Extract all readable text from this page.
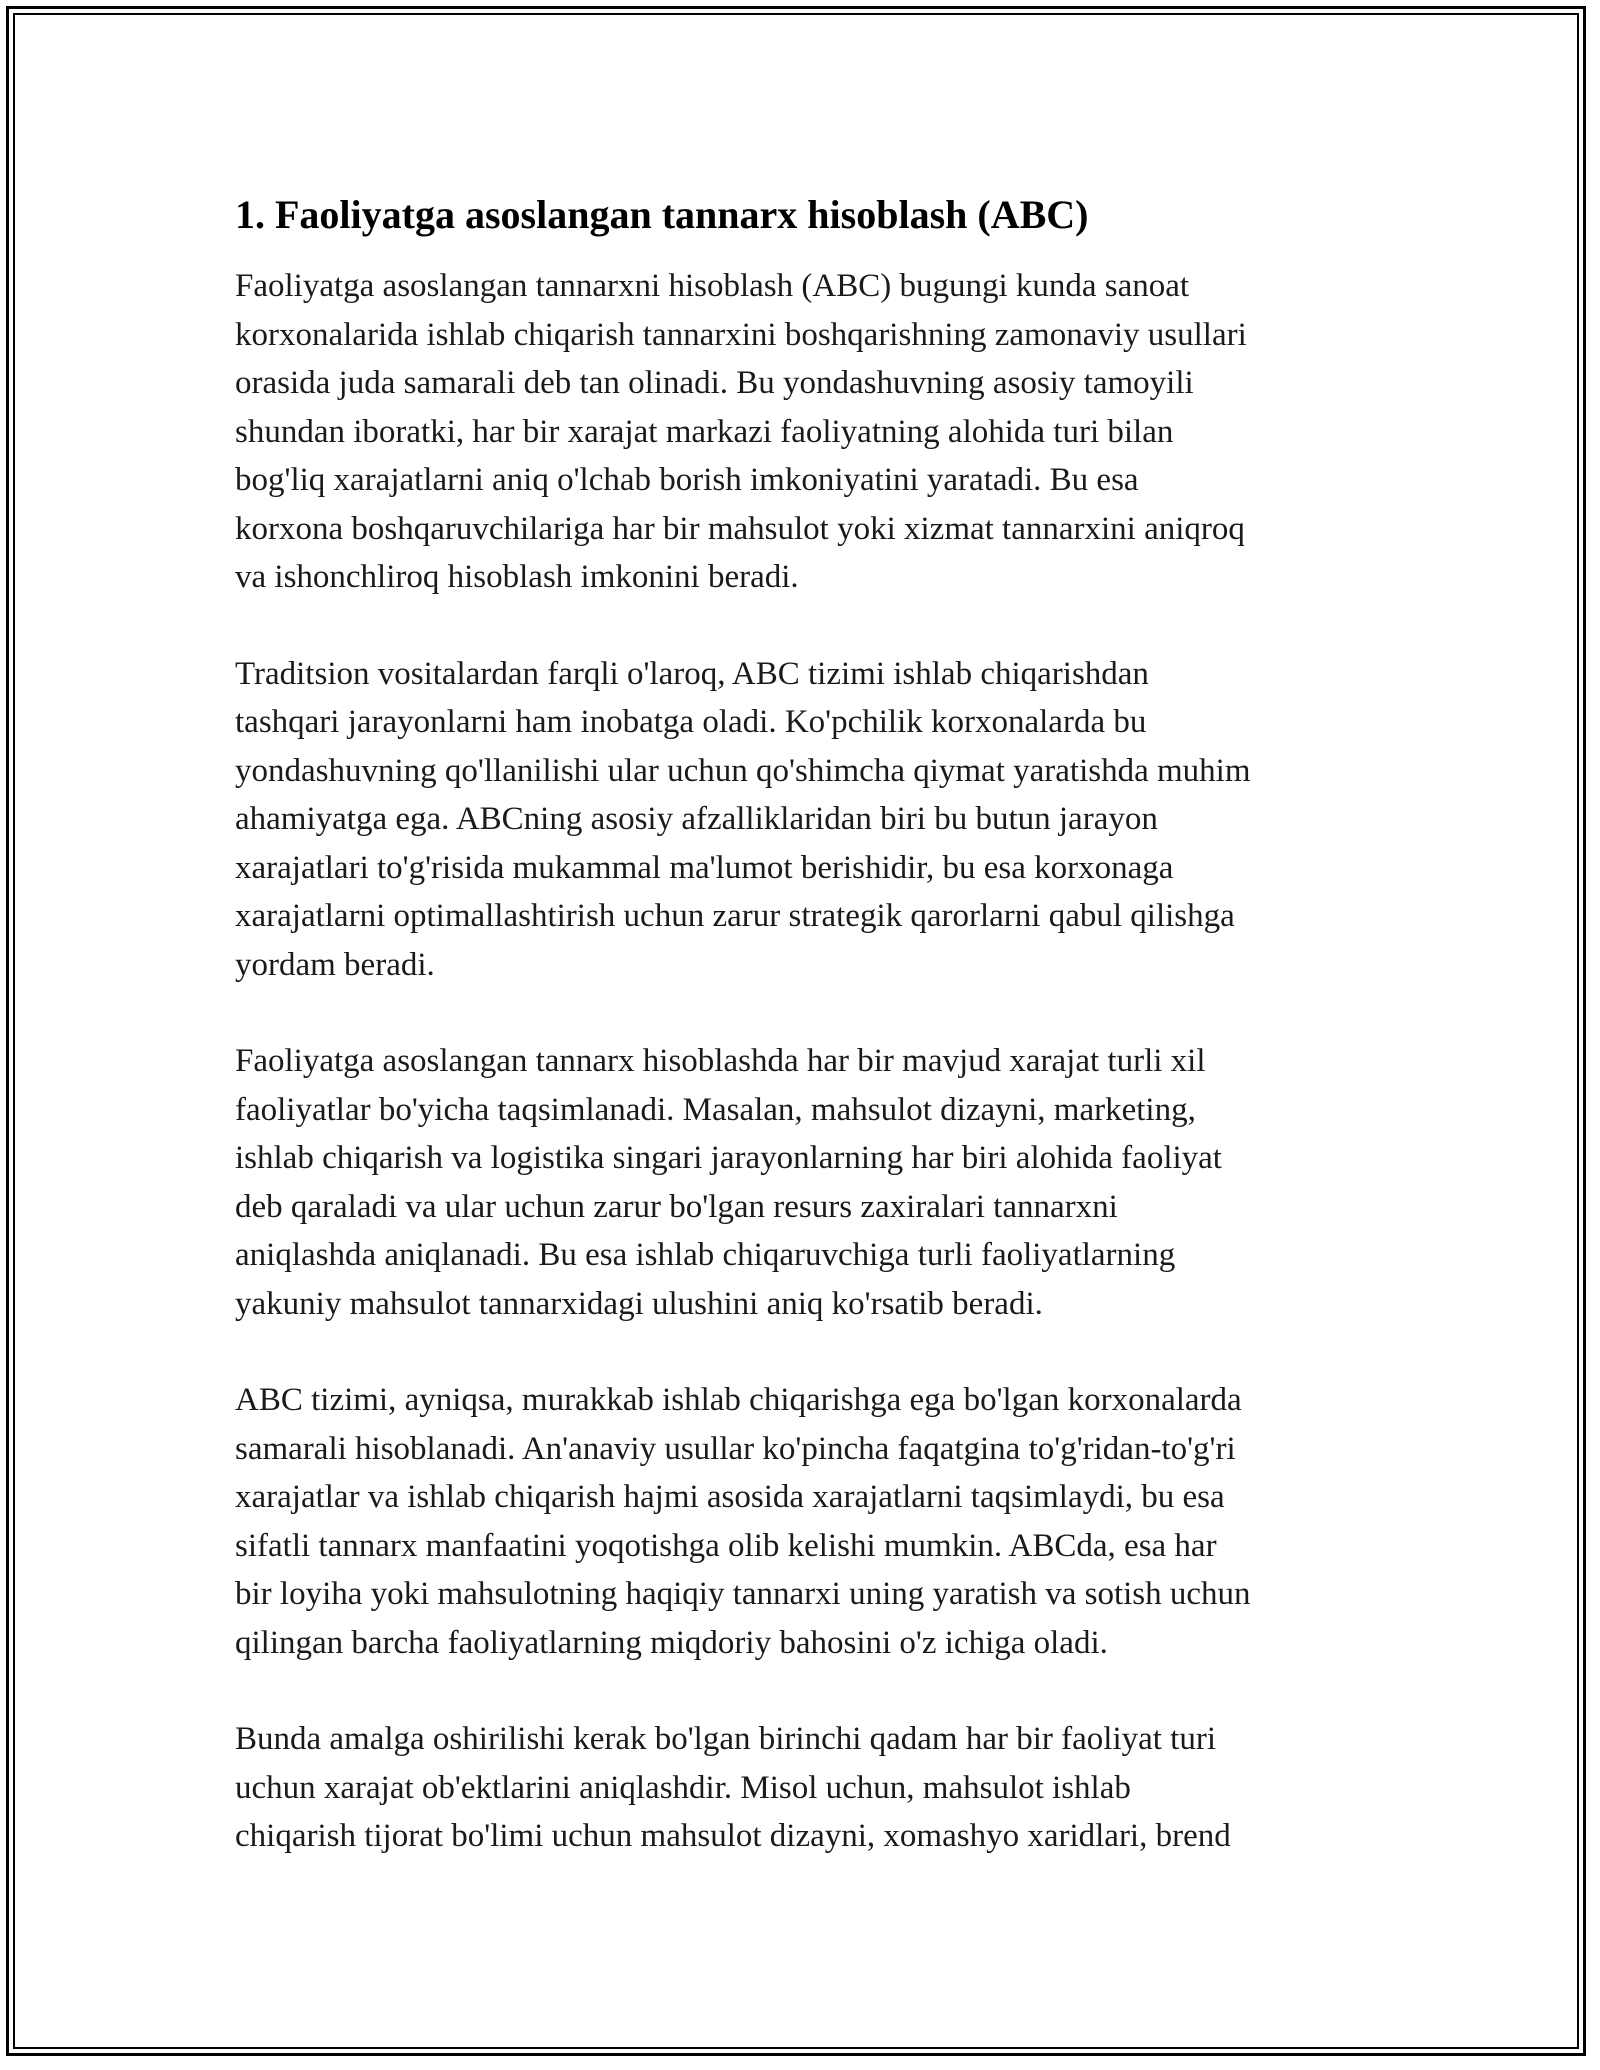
1. Faoliyatga asoslangan tannarx hisoblash (ABC)

Faoliyatga asoslangan tannarxni hisoblash (ABC) bugungi kunda sanoat
korxonalarida ishlab chiqarish tannarxini boshqarishning zamonaviy usullari
orasida juda samarali deb tan olinadi. Bu yondashuvning asosiy tamoyili
shundan iboratki, har bir xarajat markazi faoliyatning alohida turi bilan
bog'liq xarajatlarni aniq o'lchab borish imkoniyatini yaratadi. Bu esa
korxona boshqaruvchilariga har bir mahsulot yoki xizmat tannarxini aniqroq
va ishonchliroq hisoblash imkonini beradi.

Traditsion vositalardan farqli o'laroq, ABC tizimi ishlab chiqarishdan
tashqari jarayonlarni ham inobatga oladi. Ko'pchilik korxonalarda bu
yondashuvning qo'llanilishi ular uchun qo'shimcha qiymat yaratishda muhim
ahamiyatga ega. ABCning asosiy afzalliklaridan biri bu butun jarayon
xarajatlari to'g'risida mukammal ma'lumot berishidir, bu esa korxonaga
xarajatlarni optimallashtirish uchun zarur strategik qarorlarni qabul qilishga
yordam beradi.

Faoliyatga asoslangan tannarx hisoblashda har bir mavjud xarajat turli xil
faoliyatlar bo'yicha taqsimlanadi. Masalan, mahsulot dizayni, marketing,
ishlab chiqarish va logistika singari jarayonlarning har biri alohida faoliyat
deb qaraladi va ular uchun zarur bo'lgan resurs zaxiralari tannarxni
aniqlashda aniqlanadi. Bu esa ishlab chiqaruvchiga turli faoliyatlarning
yakuniy mahsulot tannarxidagi ulushini aniq ko'rsatib beradi.

ABC tizimi, ayniqsa, murakkab ishlab chiqarishga ega bo'lgan korxonalarda
samarali hisoblanadi. An'anaviy usullar ko'pincha faqatgina to'g'ridan-to'g'ri
xarajatlar va ishlab chiqarish hajmi asosida xarajatlarni taqsimlaydi, bu esa
sifatli tannarx manfaatini yoqotishga olib kelishi mumkin. ABCda, esa har
bir loyiha yoki mahsulotning haqiqiy tannarxi uning yaratish va sotish uchun
qilingan barcha faoliyatlarning miqdoriy bahosini o'z ichiga oladi.

Bunda amalga oshirilishi kerak bo'lgan birinchi qadam har bir faoliyat turi
uchun xarajat ob'ektlarini aniqlashdir. Misol uchun, mahsulot ishlab
chiqarish tijorat bo'limi uchun mahsulot dizayni, xomashyo xaridlari, brend
